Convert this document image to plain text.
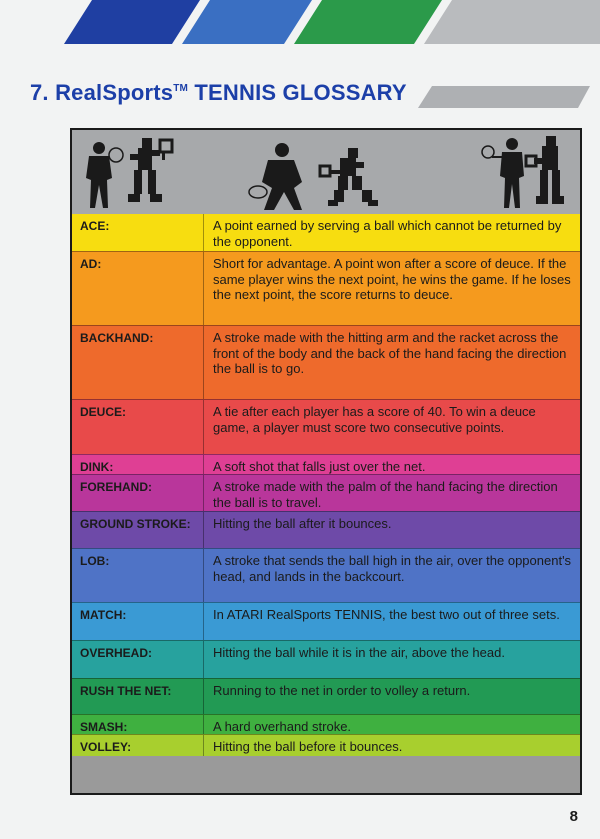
7. RealSports™ TENNIS GLOSSARY
ACE:	A point earned by serving a ball which cannot be returned by the opponent.
AD:	Short for advantage. A point won after a score of deuce. If the same player wins the next point, he wins the game. If he loses the next point, the score returns to deuce.
BACKHAND:	A stroke made with the hitting arm and the racket across the front of the body and the back of the hand facing the direction the ball is to go.
DEUCE:	A tie after each player has a score of 40. To win a deuce game, a player must score two consecutive points.
DINK:	A soft shot that falls just over the net.
FOREHAND:	A stroke made with the palm of the hand facing the direction the ball is to travel.
GROUND STROKE:	Hitting the ball after it bounces.
LOB:	A stroke that sends the ball high in the air, over the opponent's head, and lands in the backcourt.
MATCH:	In ATARI RealSports TENNIS, the best two out of three sets.
OVERHEAD:	Hitting the ball while it is in the air, above the head.
RUSH THE NET:	Running to the net in order to volley a return.
SMASH:	A hard overhand stroke.
VOLLEY:	Hitting the ball before it bounces.
8
